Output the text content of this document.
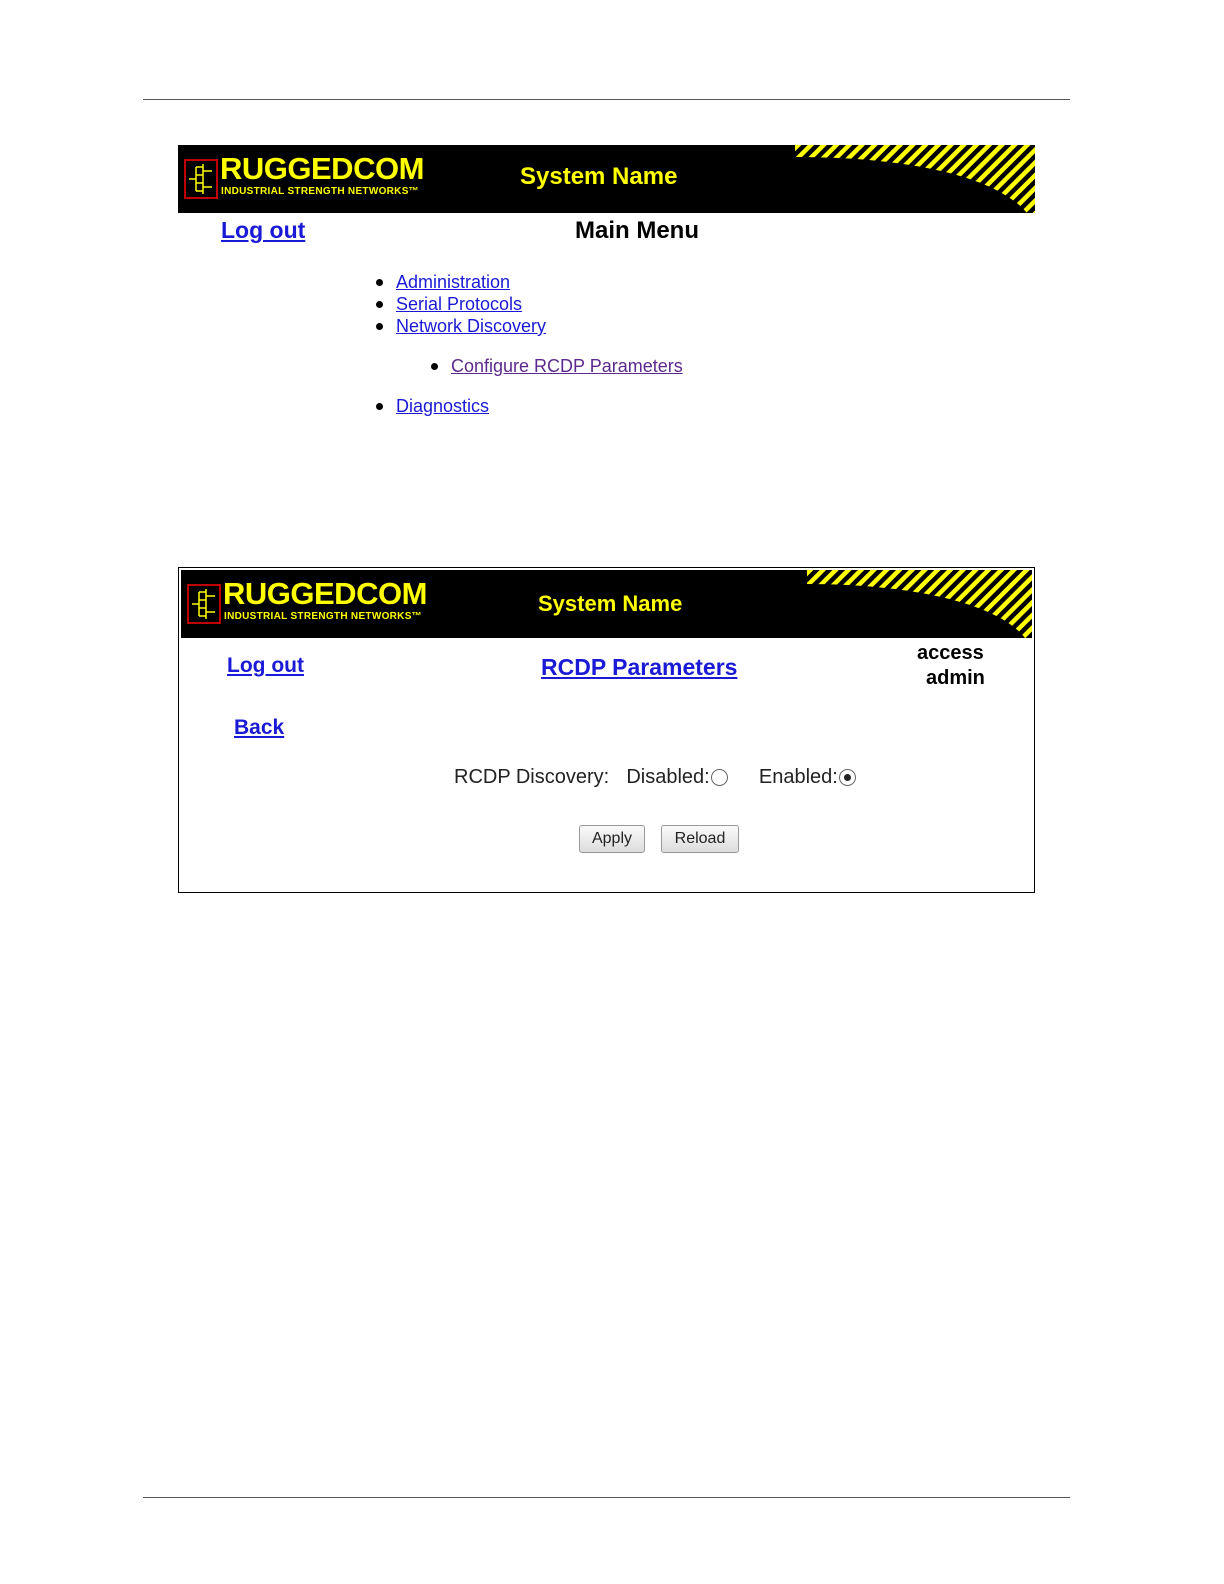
RUGGEDCOM
INDUSTRIAL STRENGTH NETWORKS™
System Name
Log out	Main Menu
Administration
Serial Protocols
Network Discovery
Configure RCDP Parameters
Diagnostics
RUGGEDCOM
INDUSTRIAL STRENGTH NETWORKS™
System Name
Log out	RCDP Parameters
access
admin
Back
RCDP Discovery: Disabled: Enabled:
Apply	Reload
